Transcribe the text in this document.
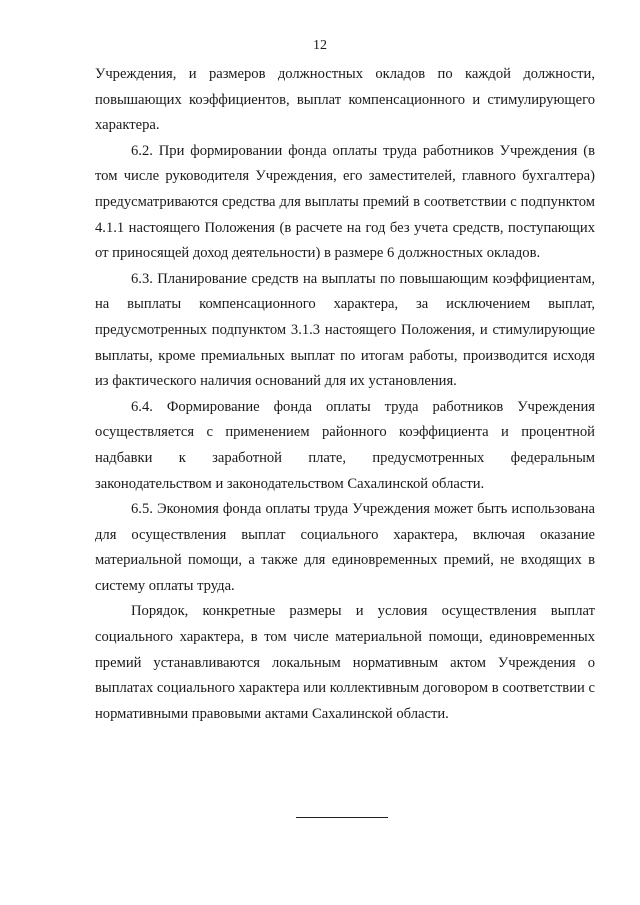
12

Учреждения, и размеров должностных окладов по каждой должности, повышающих коэффициентов, выплат компенсационного и стимулирующего характера.

6.2. При формировании фонда оплаты труда работников Учреждения (в том числе руководителя Учреждения, его заместителей, главного бухгалтера) предусматриваются средства для выплаты премий в соответствии с подпунктом 4.1.1 настоящего Положения (в расчете на год без учета средств, поступающих от приносящей доход деятельности) в размере 6 должностных окладов.

6.3. Планирование средств на выплаты по повышающим коэффициентам, на выплаты компенсационного характера, за исключением выплат, предусмотренных подпунктом 3.1.3 настоящего Положения, и стимулирующие выплаты, кроме премиальных выплат по итогам работы, производится исходя из фактического наличия оснований для их установления.

6.4. Формирование фонда оплаты труда работников Учреждения осуществляется с применением районного коэффициента и процентной надбавки к заработной плате, предусмотренных федеральным законодательством и законодательством Сахалинской области.

6.5. Экономия фонда оплаты труда Учреждения может быть использована для осуществления выплат социального характера, включая оказание материальной помощи, а также для единовременных премий, не входящих в систему оплаты труда.

Порядок, конкретные размеры и условия осуществления выплат социального характера, в том числе материальной помощи, единовременных премий устанавливаются локальным нормативным актом Учреждения о выплатах социального характера или коллективным договором в соответствии с нормативными правовыми актами Сахалинской области.
